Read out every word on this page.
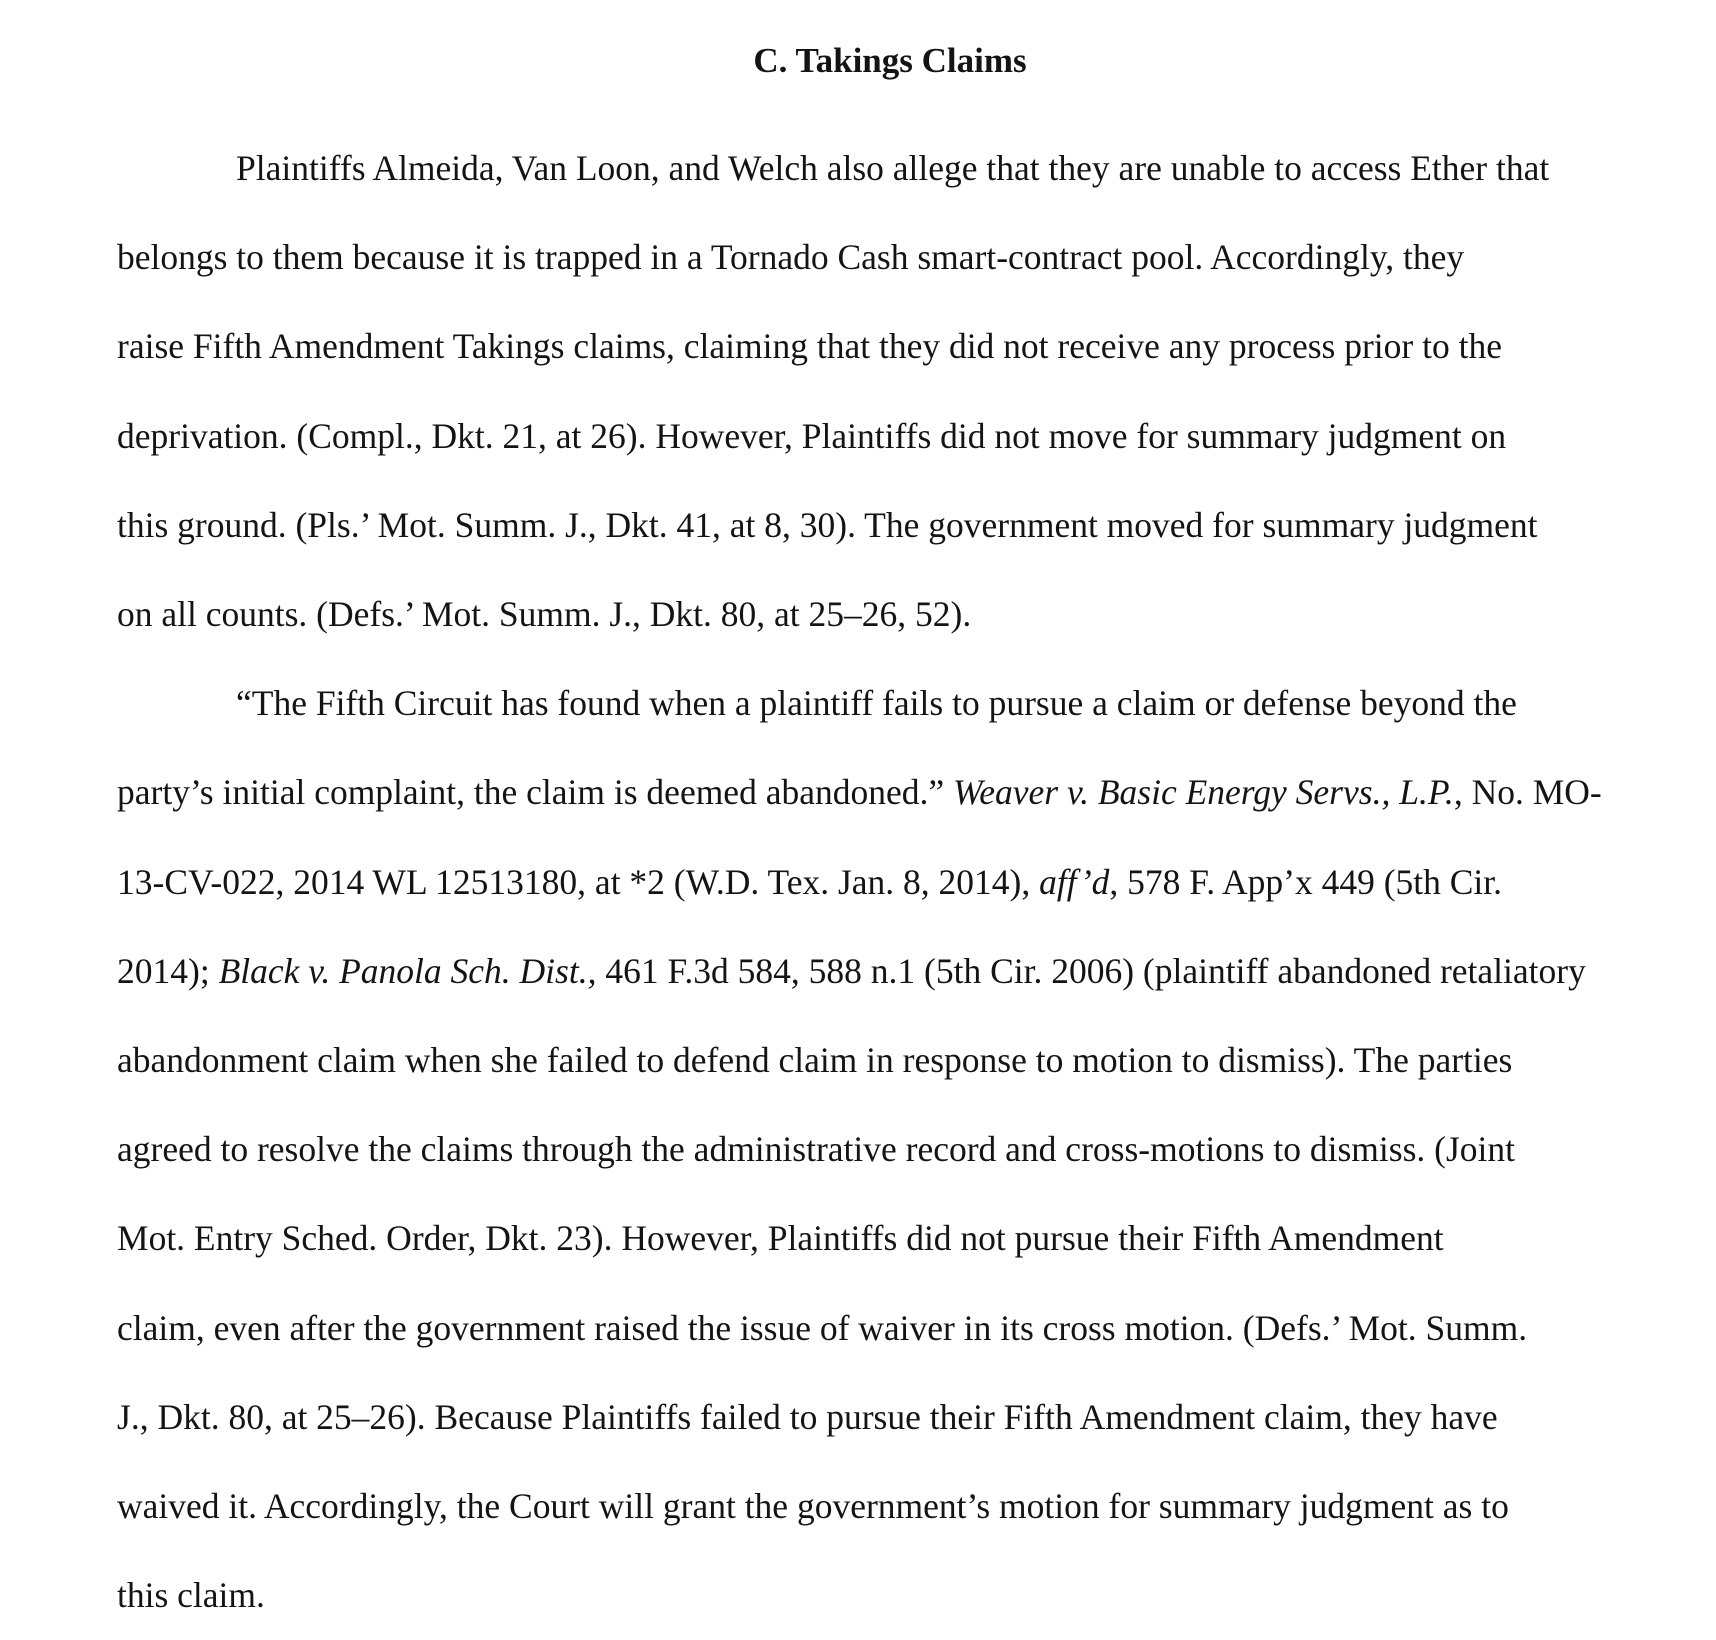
C. Takings Claims
Plaintiffs Almeida, Van Loon, and Welch also allege that they are unable to access Ether that
belongs to them because it is trapped in a Tornado Cash smart-contract pool. Accordingly, they
raise Fifth Amendment Takings claims, claiming that they did not receive any process prior to the
deprivation. (Compl., Dkt. 21, at 26). However, Plaintiffs did not move for summary judgment on
this ground. (Pls.’ Mot. Summ. J., Dkt. 41, at 8, 30). The government moved for summary judgment
on all counts. (Defs.’ Mot. Summ. J., Dkt. 80, at 25–26, 52).
“The Fifth Circuit has found when a plaintiff fails to pursue a claim or defense beyond the
party’s initial complaint, the claim is deemed abandoned.” Weaver v. Basic Energy Servs., L.P., No. MO-
13-CV-022, 2014 WL 12513180, at *2 (W.D. Tex. Jan. 8, 2014), aff’d, 578 F. App’x 449 (5th Cir.
2014); Black v. Panola Sch. Dist., 461 F.3d 584, 588 n.1 (5th Cir. 2006) (plaintiff abandoned retaliatory
abandonment claim when she failed to defend claim in response to motion to dismiss). The parties
agreed to resolve the claims through the administrative record and cross-motions to dismiss. (Joint
Mot. Entry Sched. Order, Dkt. 23). However, Plaintiffs did not pursue their Fifth Amendment
claim, even after the government raised the issue of waiver in its cross motion. (Defs.’ Mot. Summ.
J., Dkt. 80, at 25–26). Because Plaintiffs failed to pursue their Fifth Amendment claim, they have
waived it. Accordingly, the Court will grant the government’s motion for summary judgment as to
this claim.
